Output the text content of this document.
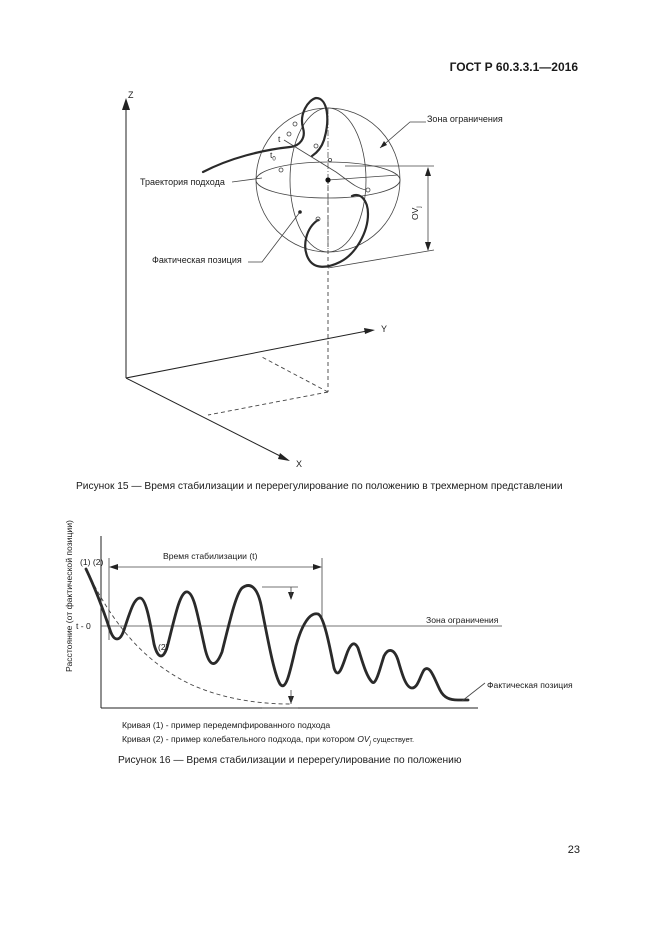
ГОСТ Р 60.3.3.1—2016
Z
Y
X
Зона ограничения
Траектория подхода
Фактическая позиция
t
$t_0$
$OV_j$
Рисунок 15 — Время стабилизации и перерегулирование по положению в трехмерном представлении
Расстояние (от фактической позиции) (1) (2)
(2)
t - 0
Время стабилизации (t)
Зона ограничения
Фактическая позиция
Кривая (1) - пример передемпфированного подхода
Кривая (2) - пример колебательного подхода, при котором $OV_j$ существует.
Рисунок 16 — Время стабилизации и перерегулирование по положению
23
